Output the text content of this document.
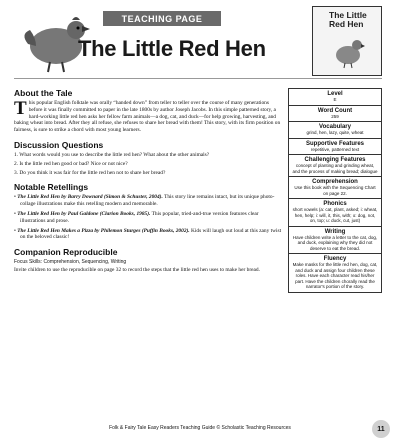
TEACHING PAGE
The Little Red Hen
The Little
Red Hen
About the Tale

This popular English folktale was orally “handed down” from teller to teller over the course of many generations before it was finally committed to paper in the late 1800s by author Joseph Jacobs. In this simple patterned story, a hard-working little red hen asks her fellow farm animals—a dog, cat, and duck—for help growing, harvesting, and baking wheat into bread. After they all refuse, she refuses to share her bread with them! This story, with its firm position on fairness, is sure to strike a chord with most young learners.

Discussion Questions
1. What words would you use to describe the little red hen? What about the other animals?
2. Is the little red hen good or bad? Nice or not nice?
3. Do you think it was fair for the little red hen not to share her bread?
Notable Retellings
• The Little Red Hen by Barry Downard (Simon & Schuster, 2004). This story line remains intact, but its unique photo-collage illustrations make this retelling modern and memorable.
• The Little Red Hen by Paul Galdone (Clarion Books, 1985). This popular, tried-and-true version features clear illustrations and prose.
• The Little Red Hen Makes a Pizza by Philemon Sturges (Puffin Books, 2002). Kids will laugh out loud at this zany twist on the beloved classic!
Companion Reproducible
Focus Skills: Comprehension, Sequencing, Writing

Invite children to use the reproducible on page 32 to record the steps that the little red hen uses to make her bread.

Level
E
Word Count
259
Vocabulary
grind, hen, lazy, quite, wheat
Supportive Features
repetitive, patterned text
Challenging Features
concept of planting and grinding wheat, and the process of making bread; dialogue
Comprehension
Use this book with the Sequencing Chart on page 22.
Phonics
short vowels (a: cat, plant, asked; i: wheat, hen, help; i: will, it, this, with; o: dog, not, on, top; u: duck, cut, just)
Writing
Have children write a letter to the cat, dog, and duck, explaining why they did not deserve to eat the bread.
Fluency
Make masks for the little red hen, dog, cat, and duck and assign four children these roles. Have each character read his/her part. Have the children chorally read the narrator's portion of the story.
Folk & Fairy Tale Easy Readers Teaching Guide © Scholastic Teaching Resources	11
